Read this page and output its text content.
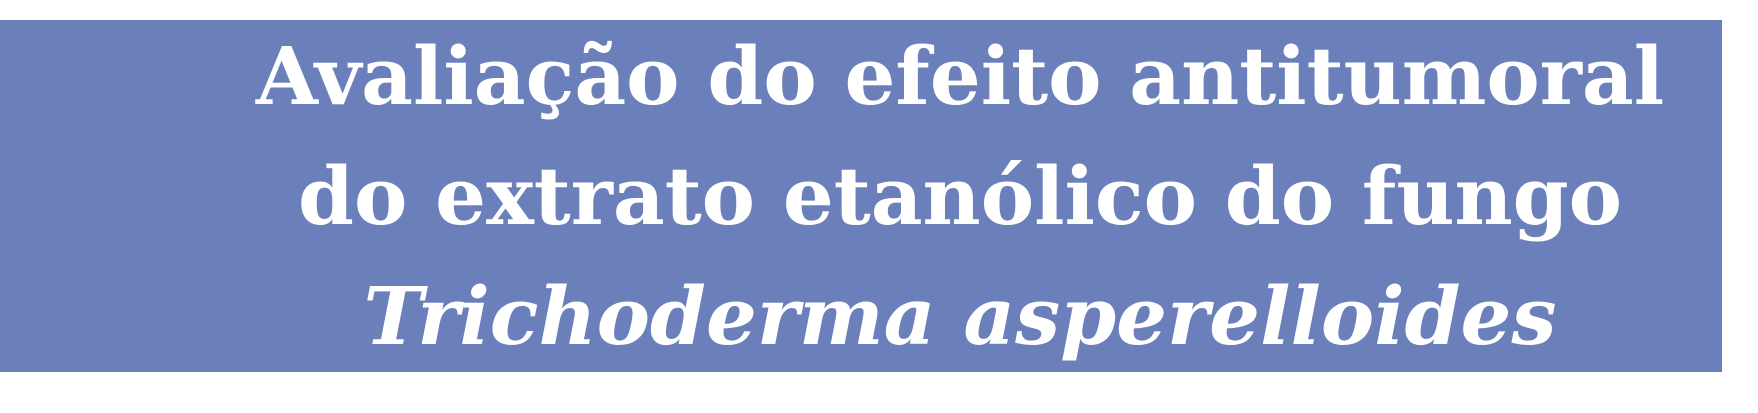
Avaliação do efeito antitumoral
do extrato etanólico do fungo
Trichoderma asperelloides
